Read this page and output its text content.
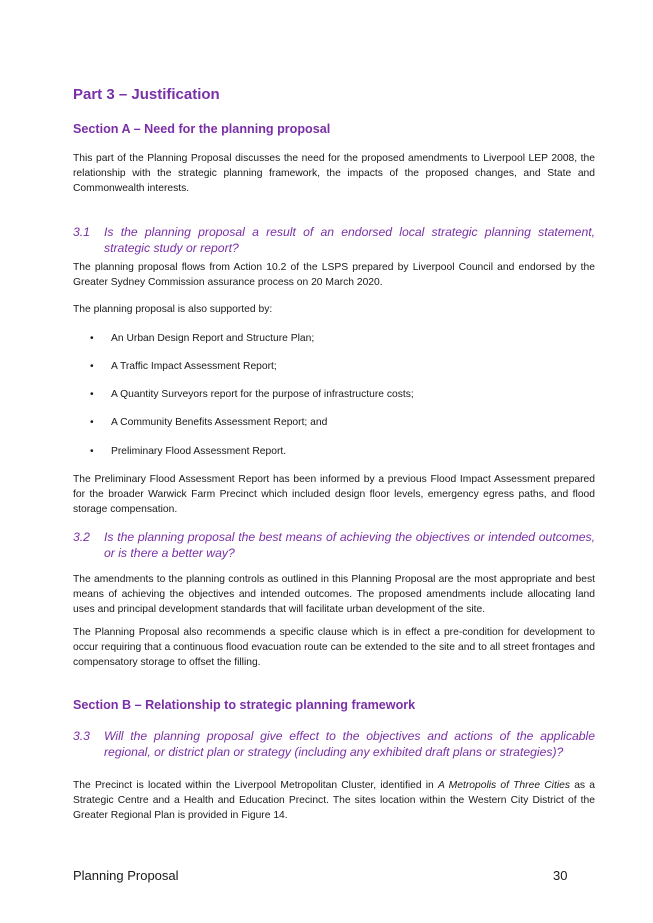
Part 3 – Justification
Section A – Need for the planning proposal

This part of the Planning Proposal discusses the need for the proposed amendments to Liverpool LEP 2008, the relationship with the strategic planning framework, the impacts of the proposed changes, and State and Commonwealth interests.

3.1	Is the planning proposal a result of an endorsed local strategic planning statement, strategic study or report?

The planning proposal flows from Action 10.2 of the LSPS prepared by Liverpool Council and endorsed by the Greater Sydney Commission assurance process on 20 March 2020.

The planning proposal is also supported by:

• An Urban Design Report and Structure Plan;
• A Traffic Impact Assessment Report;
• A Quantity Surveyors report for the purpose of infrastructure costs;
• A Community Benefits Assessment Report; and
• Preliminary Flood Assessment Report.

The Preliminary Flood Assessment Report has been informed by a previous Flood Impact Assessment prepared for the broader Warwick Farm Precinct which included design floor levels, emergency egress paths, and flood storage compensation.

3.2	Is the planning proposal the best means of achieving the objectives or intended outcomes, or is there a better way?

The amendments to the planning controls as outlined in this Planning Proposal are the most appropriate and best means of achieving the objectives and intended outcomes. The proposed amendments include allocating land uses and principal development standards that will facilitate urban development of the site.

The Planning Proposal also recommends a specific clause which is in effect a pre-condition for development to occur requiring that a continuous flood evacuation route can be extended to the site and to all street frontages and compensatory storage to offset the filling.

Section B – Relationship to strategic planning framework
3.3	Will the planning proposal give effect to the objectives and actions of the applicable regional, or district plan or strategy (including any exhibited draft plans or strategies)?

The Precinct is located within the Liverpool Metropolitan Cluster, identified in A Metropolis of Three Cities as a Strategic Centre and a Health and Education Precinct. The sites location within the Western City District of the Greater Regional Plan is provided in Figure 14.

Planning Proposal	30
